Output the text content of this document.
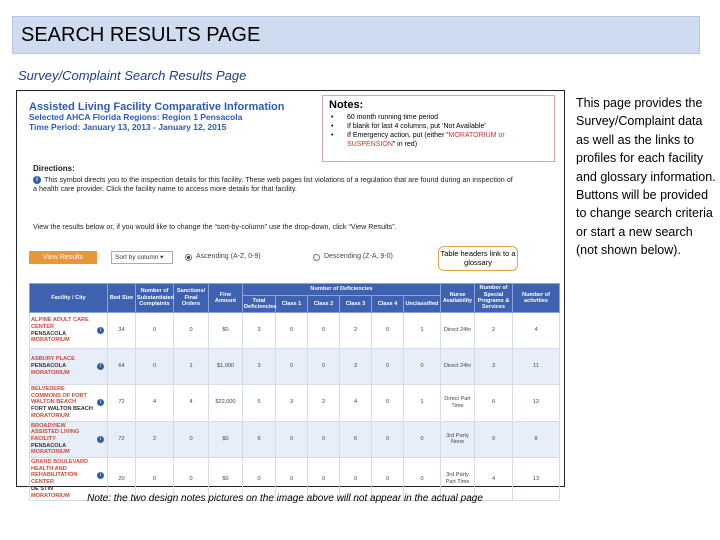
SEARCH RESULTS PAGE
Survey/Complaint Search Results Page
This page provides the Survey/Complaint data as well as the links to profiles for each facility and glossary information. Buttons will be provided to change search criteria or start a new search (not shown below).
Assisted Living Facility Comparative Information
Selected AHCA Florida Regions: Region 1 Pensacola
Time Period: January 13, 2013 - January 12, 2015
Notes:
• 60 month running time period
• If blank for last 4 columns, put ‘Not Available’
• If Emergency action, put (either “MORATORIUM or SUSPENSION” in red)
Directions:
i This symbol directs you to the inspection details for this facility. These web pages list violations of a regulation that are found during an inspection of a health care provider. Click the facility name to access more details for that facility.
View the results below or, if you would like to change the “sort-by-column” use the drop-down, click “View Results”.
View Results	Sort by column ▾	Ascending (A-Z, 0-9)	Descending (Z-A, 9-0)	Table headers link to a glossary
Facility / City	Bed Size	Number of Substantiated Complaints	Sanctions/ Final Orders	Fine Amount	Number of Deficiencies						Nurse Availability	Number of Special Programs & Services	Number of activities
					Total Deficiencies	Class 1	Class 2	Class 3	Class 4	Unclassified			
ALPINE ADULT CARE CENTER
PENSACOLA
MORATORIUM
i	34	0	0	$0	3	0	0	2	0	1	Direct 24hr	2	4
ASBURY PLACE
PENSACOLA
MORATORIUM
i	64	0	1	$1,000	3	0	0	3	0	0	Direct 24hr	3	11
BELVEDERE COMMONS OF FORT WALTON BEACH
FORT WALTON BEACH
MORATORIUM
i	72	4	4	$22,000	5	3	2	4	0	1	Direct Part Time	6	12
BROADVIEW ASSISTED LIVING FACILITY
PENSACOLA
MORATORIUM
i	72	2	0	$0	6	0	0	6	0	0	3rd Party None	9	8
GRAND BOULEVARD HEALTH AND REHABILITATION CENTER
DE STIN
MORATORIUM
i	20	0	0	$0	0	0	0	0	0	0	3rd Party Part Time	4	13
Note: the two design notes pictures on the image above will not appear in the actual page
